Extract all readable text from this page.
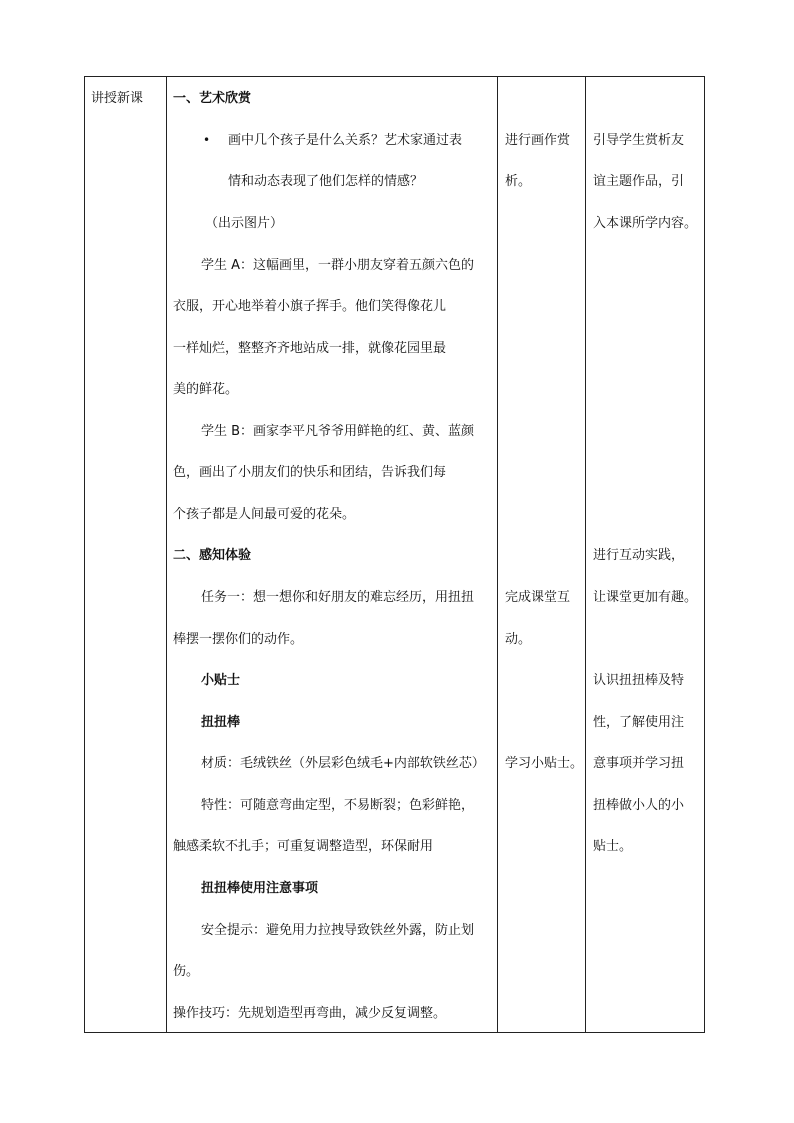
讲授新课 一、艺术欣赏
• 画中几个孩子是什么关系？艺术家通过表
情和动态表现了他们怎样的情感？
（出示图片）
学生 A：这幅画里，一群小朋友穿着五颜六色的
衣服，开心地举着小旗子挥手。他们笑得像花儿
一样灿烂，整整齐齐地站成一排，就像花园里最
美的鲜花。
学生 B：画家李平凡爷爷用鲜艳的红、黄、蓝颜
色，画出了小朋友们的快乐和团结，告诉我们每
个孩子都是人间最可爱的花朵。
二、感知体验
任务一：想一想你和好朋友的难忘经历，用扭扭
棒摆一摆你们的动作。
小贴士
扭扭棒
材质：毛绒铁丝（外层彩色绒毛+内部软铁丝芯）
特性：可随意弯曲定型，不易断裂；色彩鲜艳，
触感柔软不扎手；可重复调整造型，环保耐用
扭扭棒使用注意事项
安全提示：避免用力拉拽导致铁丝外露，防止划
伤。
操作技巧：先规划造型再弯曲，减少反复调整。
进行画作赏
析。
完成课堂互
动。
学习小贴士。
引导学生赏析友
谊主题作品，引
入本课所学内容。
进行互动实践，
让课堂更加有趣。
认识扭扭棒及特
性，了解使用注
意事项并学习扭
扭棒做小人的小
贴士。
